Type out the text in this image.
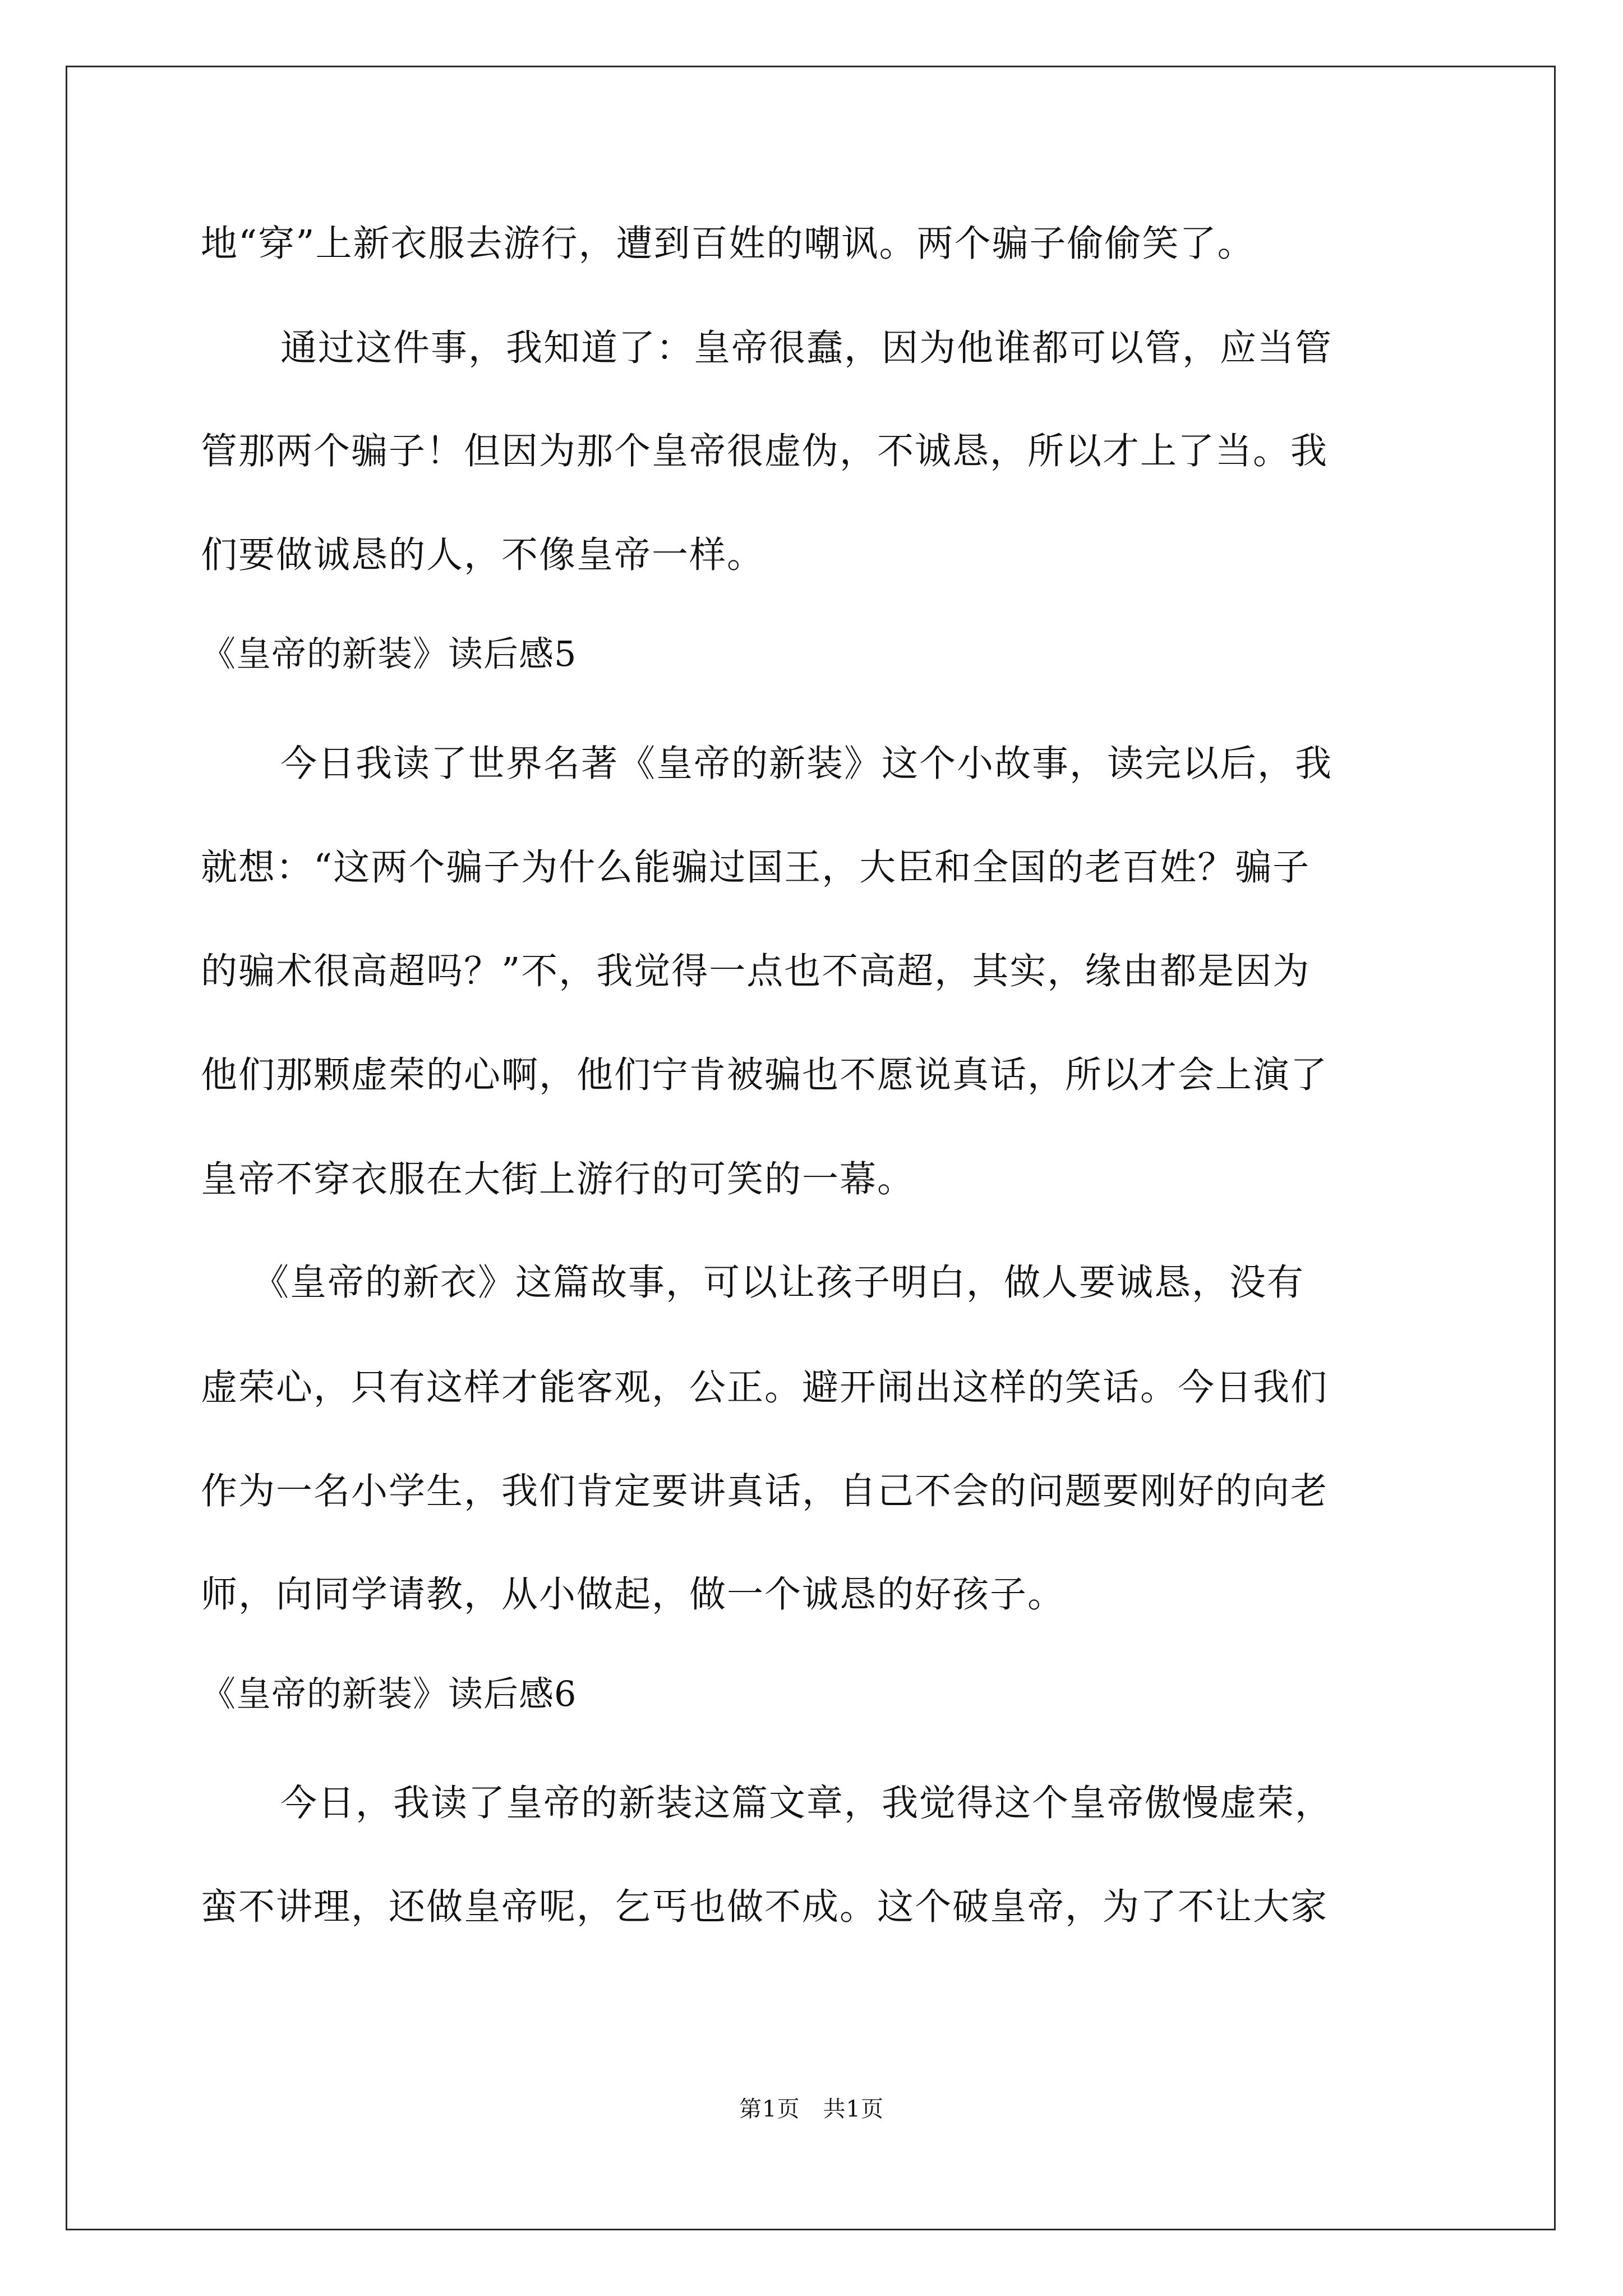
地“穿”上新衣服去游行，遭到百姓的嘲讽。两个骗子偷偷笑了。
通过这件事，我知道了：皇帝很蠢，因为他谁都可以管，应当管
管那两个骗子！但因为那个皇帝很虚伪，不诚恳，所以才上了当。我
们要做诚恳的人，不像皇帝一样。
《皇帝的新装》读后感5
今日我读了世界名著《皇帝的新装》这个小故事，读完以后，我
就想：“这两个骗子为什么能骗过国王，大臣和全国的老百姓？骗子
的骗术很高超吗？”不，我觉得一点也不高超，其实，缘由都是因为
他们那颗虚荣的心啊，他们宁肯被骗也不愿说真话，所以才会上演了
皇帝不穿衣服在大街上游行的可笑的一幕。
《皇帝的新衣》这篇故事，可以让孩子明白，做人要诚恳，没有
虚荣心，只有这样才能客观，公正。避开闹出这样的笑话。今日我们
作为一名小学生，我们肯定要讲真话，自己不会的问题要刚好的向老
师，向同学请教，从小做起，做一个诚恳的好孩子。
《皇帝的新装》读后感6
今日，我读了皇帝的新装这篇文章，我觉得这个皇帝傲慢虚荣，
蛮不讲理，还做皇帝呢，乞丐也做不成。这个破皇帝，为了不让大家
第1页　共1页
